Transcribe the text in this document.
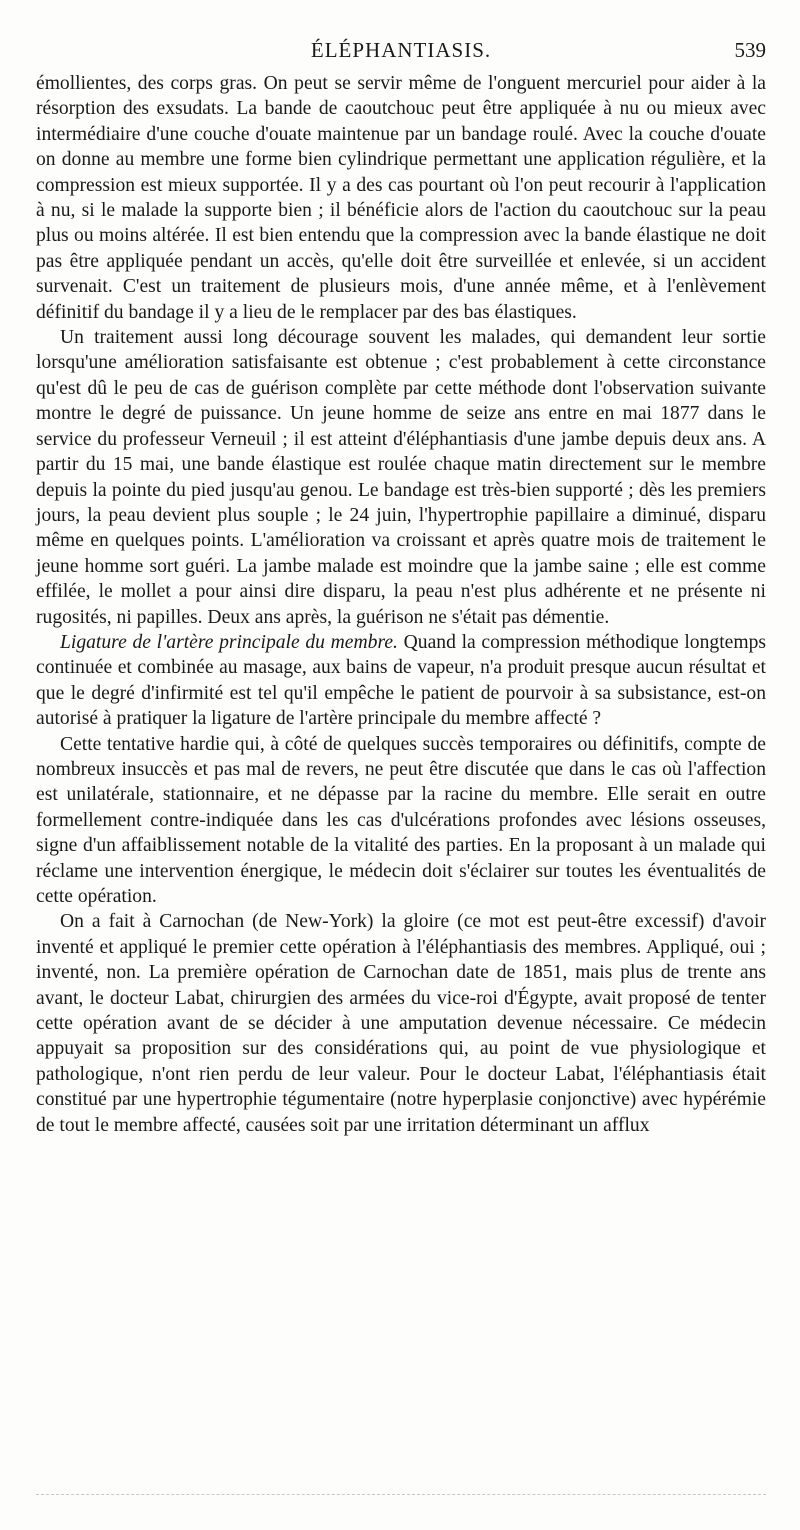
ÉLÉPHANTIASIS.	539

émollientes, des corps gras. On peut se servir même de l'onguent mercuriel pour aider à la résorption des exsudats. La bande de caoutchouc peut être appliquée à nu ou mieux avec intermédiaire d'une couche d'ouate maintenue par un bandage roulé. Avec la couche d'ouate on donne au membre une forme bien cylindrique permettant une application régulière, et la compression est mieux supportée. Il y a des cas pourtant où l'on peut recourir à l'application à nu, si le malade la supporte bien ; il bénéficie alors de l'action du caoutchouc sur la peau plus ou moins altérée. Il est bien entendu que la compression avec la bande élastique ne doit pas être appliquée pendant un accès, qu'elle doit être surveillée et enlevée, si un accident survenait. C'est un traitement de plusieurs mois, d'une année même, et à l'enlèvement définitif du bandage il y a lieu de le remplacer par des bas élastiques.

Un traitement aussi long décourage souvent les malades, qui demandent leur sortie lorsqu'une amélioration satisfaisante est obtenue ; c'est probablement à cette circonstance qu'est dû le peu de cas de guérison complète par cette méthode dont l'observation suivante montre le degré de puissance. Un jeune homme de seize ans entre en mai 1877 dans le service du professeur Verneuil ; il est atteint d'éléphantiasis d'une jambe depuis deux ans. A partir du 15 mai, une bande élastique est roulée chaque matin directement sur le membre depuis la pointe du pied jusqu'au genou. Le bandage est très-bien supporté ; dès les premiers jours, la peau devient plus souple ; le 24 juin, l'hypertrophie papillaire a diminué, disparu même en quelques points. L'amélioration va croissant et après quatre mois de traitement le jeune homme sort guéri. La jambe malade est moindre que la jambe saine ; elle est comme effilée, le mollet a pour ainsi dire disparu, la peau n'est plus adhérente et ne présente ni rugosités, ni papilles. Deux ans après, la guérison ne s'était pas démentie.

Ligature de l'artère principale du membre. Quand la compression méthodique longtemps continuée et combinée au masage, aux bains de vapeur, n'a produit presque aucun résultat et que le degré d'infirmité est tel qu'il empêche le patient de pourvoir à sa subsistance, est-on autorisé à pratiquer la ligature de l'artère principale du membre affecté ?

Cette tentative hardie qui, à côté de quelques succès temporaires ou définitifs, compte de nombreux insuccès et pas mal de revers, ne peut être discutée que dans le cas où l'affection est unilatérale, stationnaire, et ne dépasse par la racine du membre. Elle serait en outre formellement contre-indiquée dans les cas d'ulcérations profondes avec lésions osseuses, signe d'un affaiblissement notable de la vitalité des parties. En la proposant à un malade qui réclame une intervention énergique, le médecin doit s'éclairer sur toutes les éventualités de cette opération.

On a fait à Carnochan (de New-York) la gloire (ce mot est peut-être excessif) d'avoir inventé et appliqué le premier cette opération à l'éléphantiasis des membres. Appliqué, oui ; inventé, non. La première opération de Carnochan date de 1851, mais plus de trente ans avant, le docteur Labat, chirurgien des armées du vice-roi d'Égypte, avait proposé de tenter cette opération avant de se décider à une amputation devenue nécessaire. Ce médecin appuyait sa proposition sur des considérations qui, au point de vue physiologique et pathologique, n'ont rien perdu de leur valeur. Pour le docteur Labat, l'éléphantiasis était constitué par une hypertrophie tégumentaire (notre hyperplasie conjonctive) avec hypérémie de tout le membre affecté, causées soit par une irritation déterminant un afflux
